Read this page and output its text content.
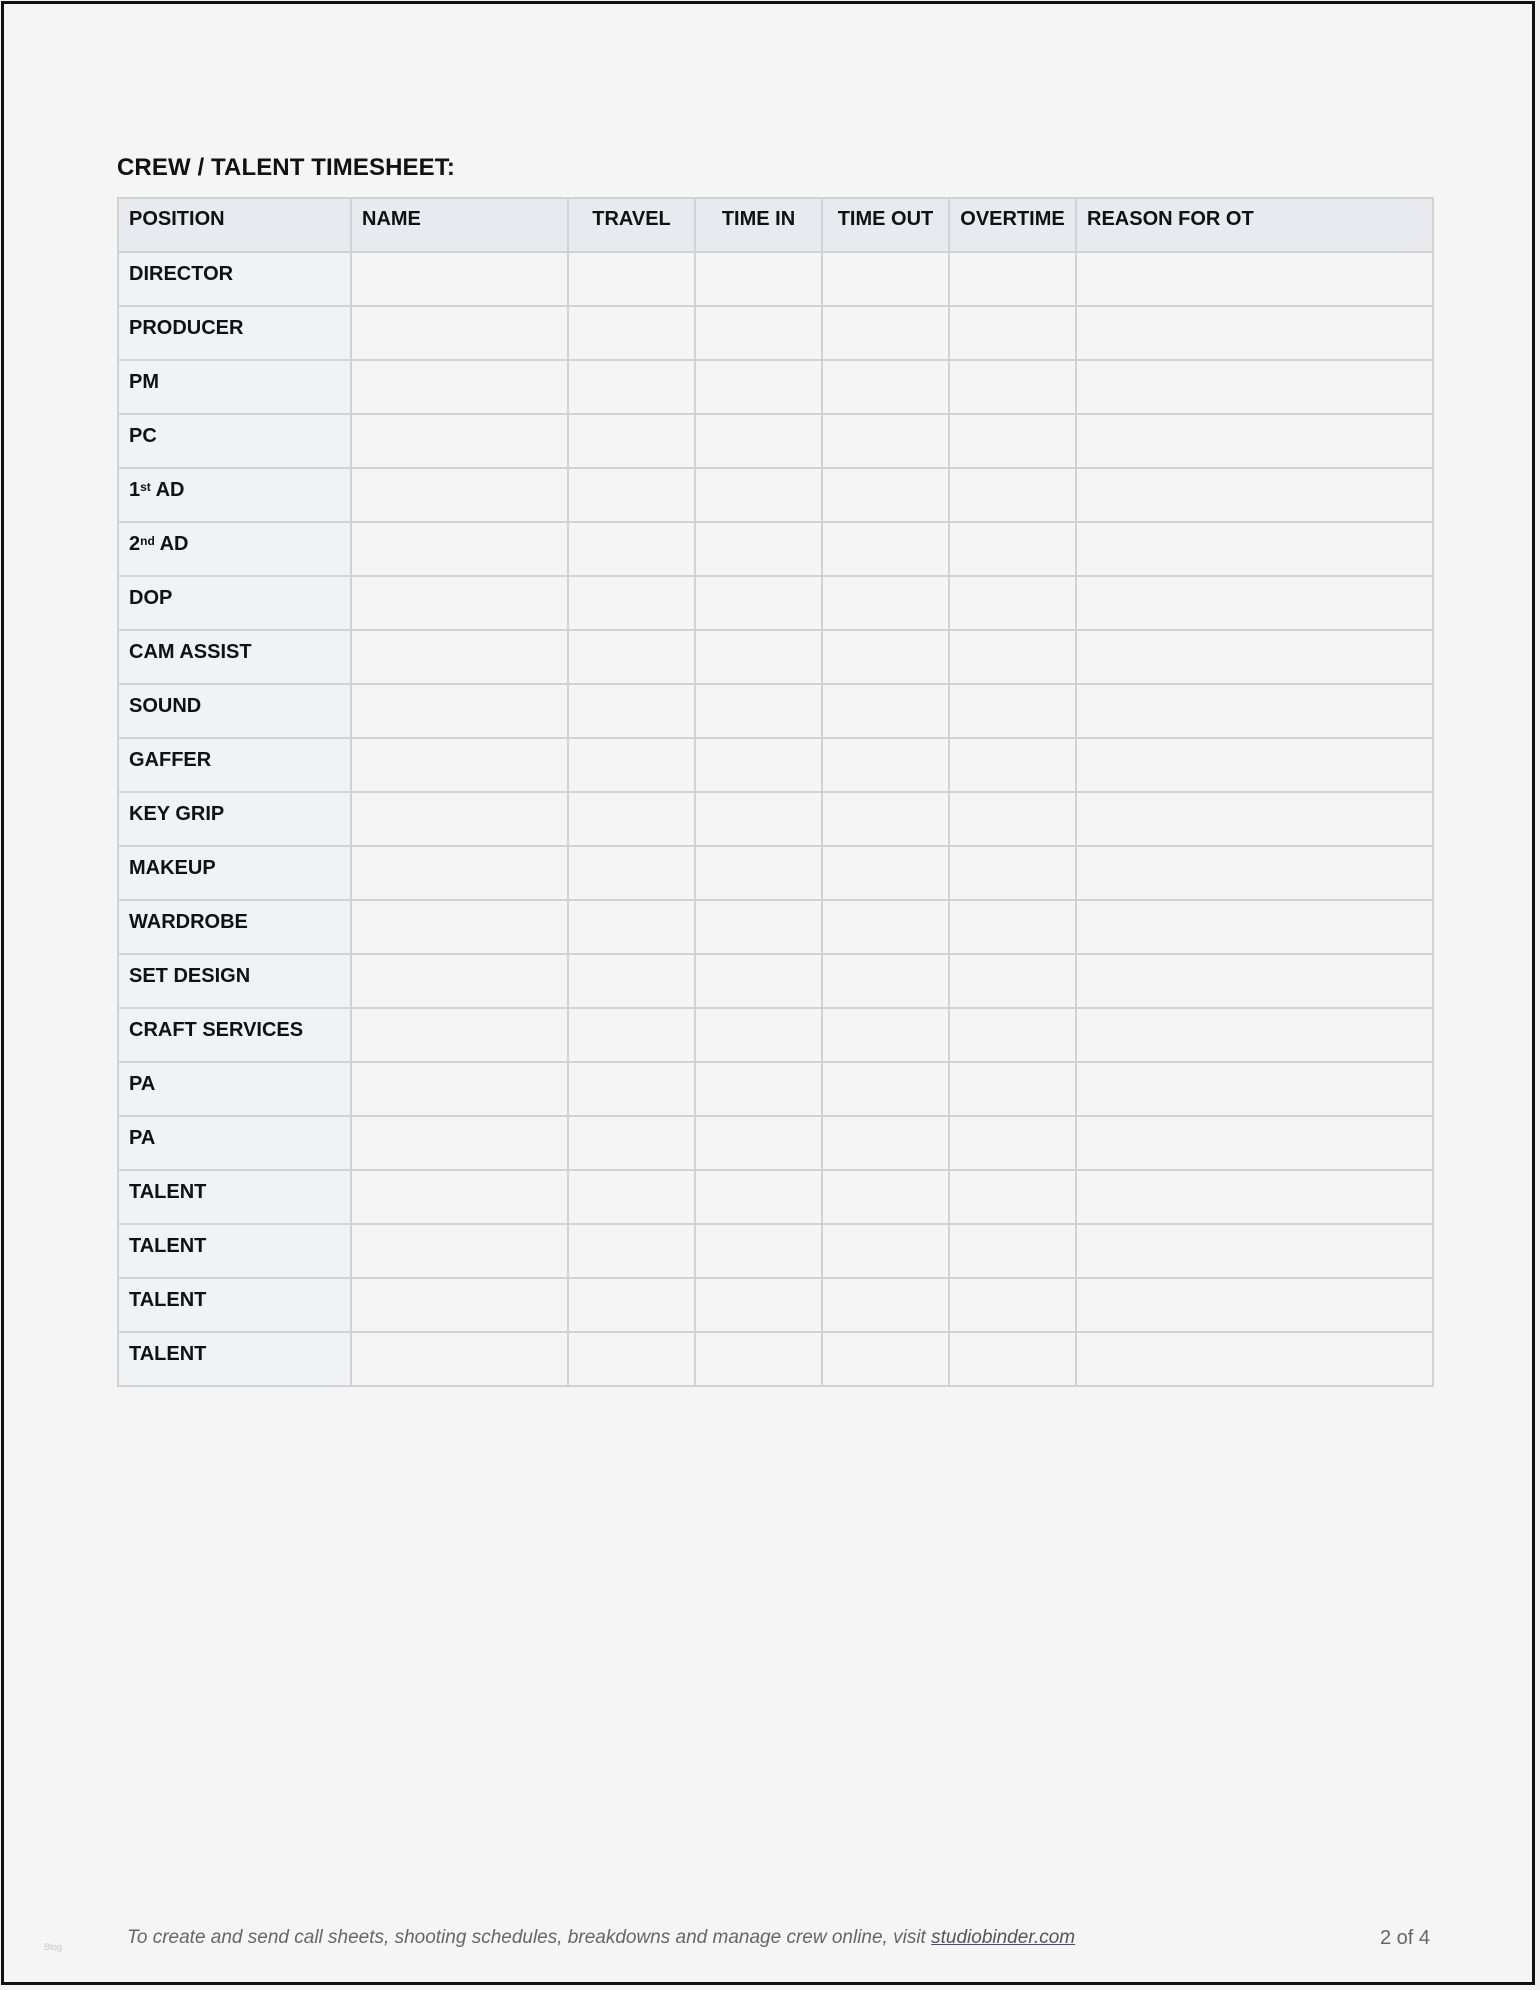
CREW / TALENT TIMESHEET:
POSITION	NAME	TRAVEL	TIME IN	TIME OUT	OVERTIME	REASON FOR OT
DIRECTOR						
PRODUCER						
PM						
PC						
1st AD						
2nd AD						
DOP						
CAM ASSIST						
SOUND						
GAFFER						
KEY GRIP						
MAKEUP						
WARDROBE						
SET DESIGN						
CRAFT SERVICES						
PA						
PA						
TALENT						
TALENT						
TALENT						
TALENT						
To create and send call sheets, shooting schedules, breakdowns and manage crew online, visit studiobinder.com	2 of 4
Blog
